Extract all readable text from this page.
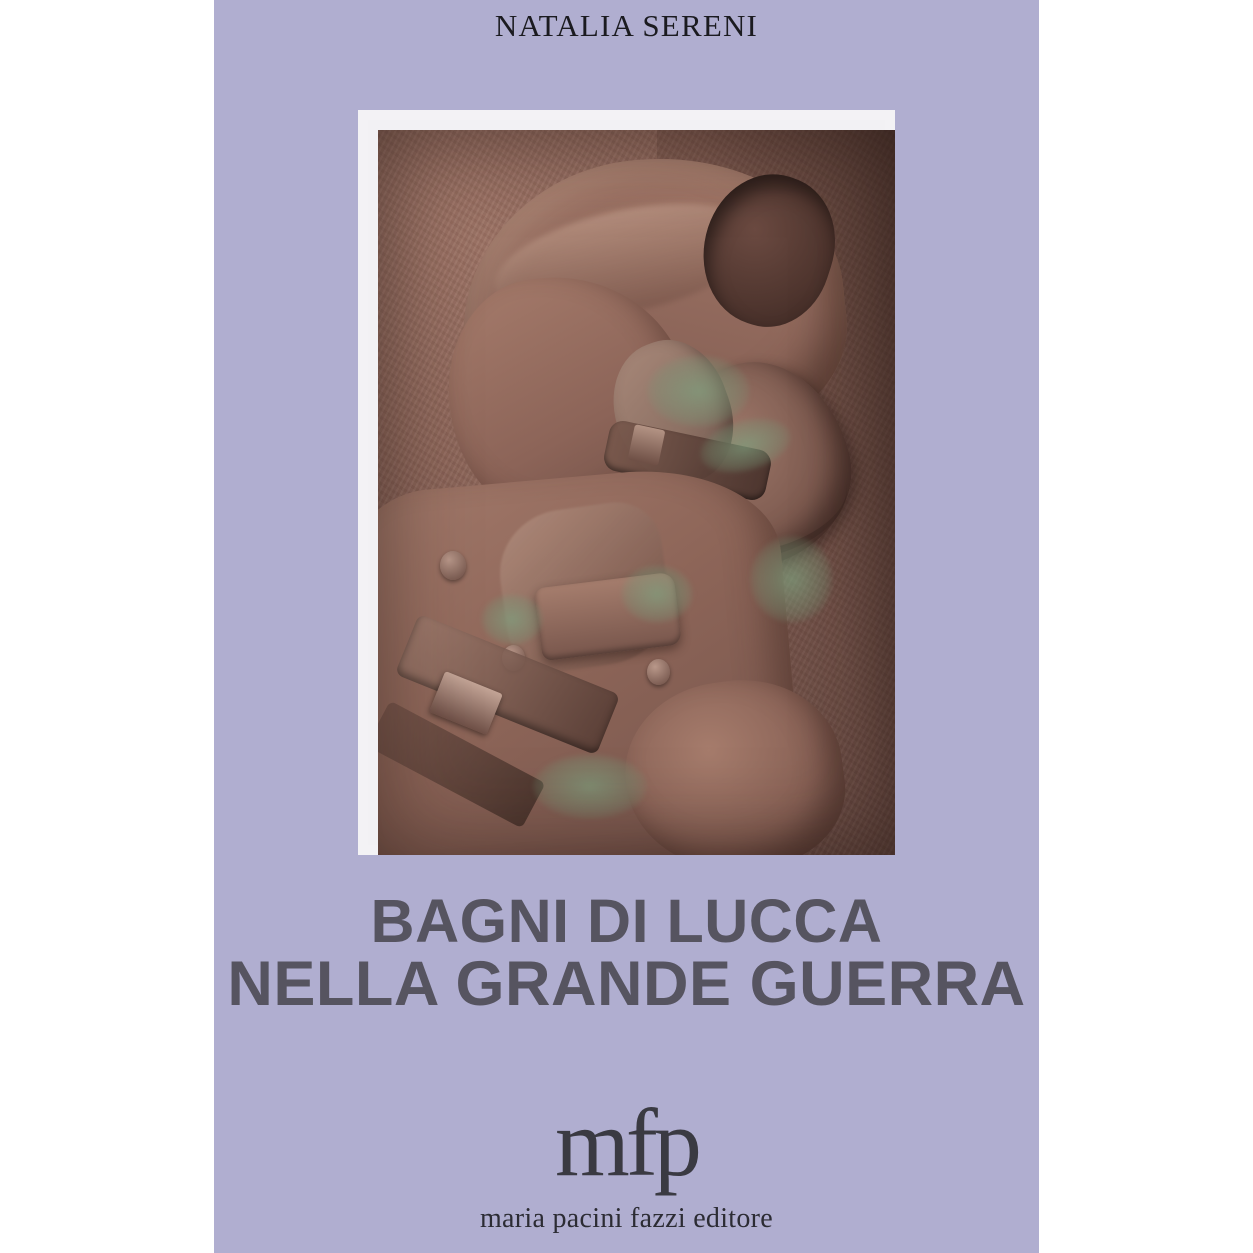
NATALIA SERENI
BAGNI DI LUCCA
NELLA GRANDE GUERRA
mfp
maria pacini fazzi editore
